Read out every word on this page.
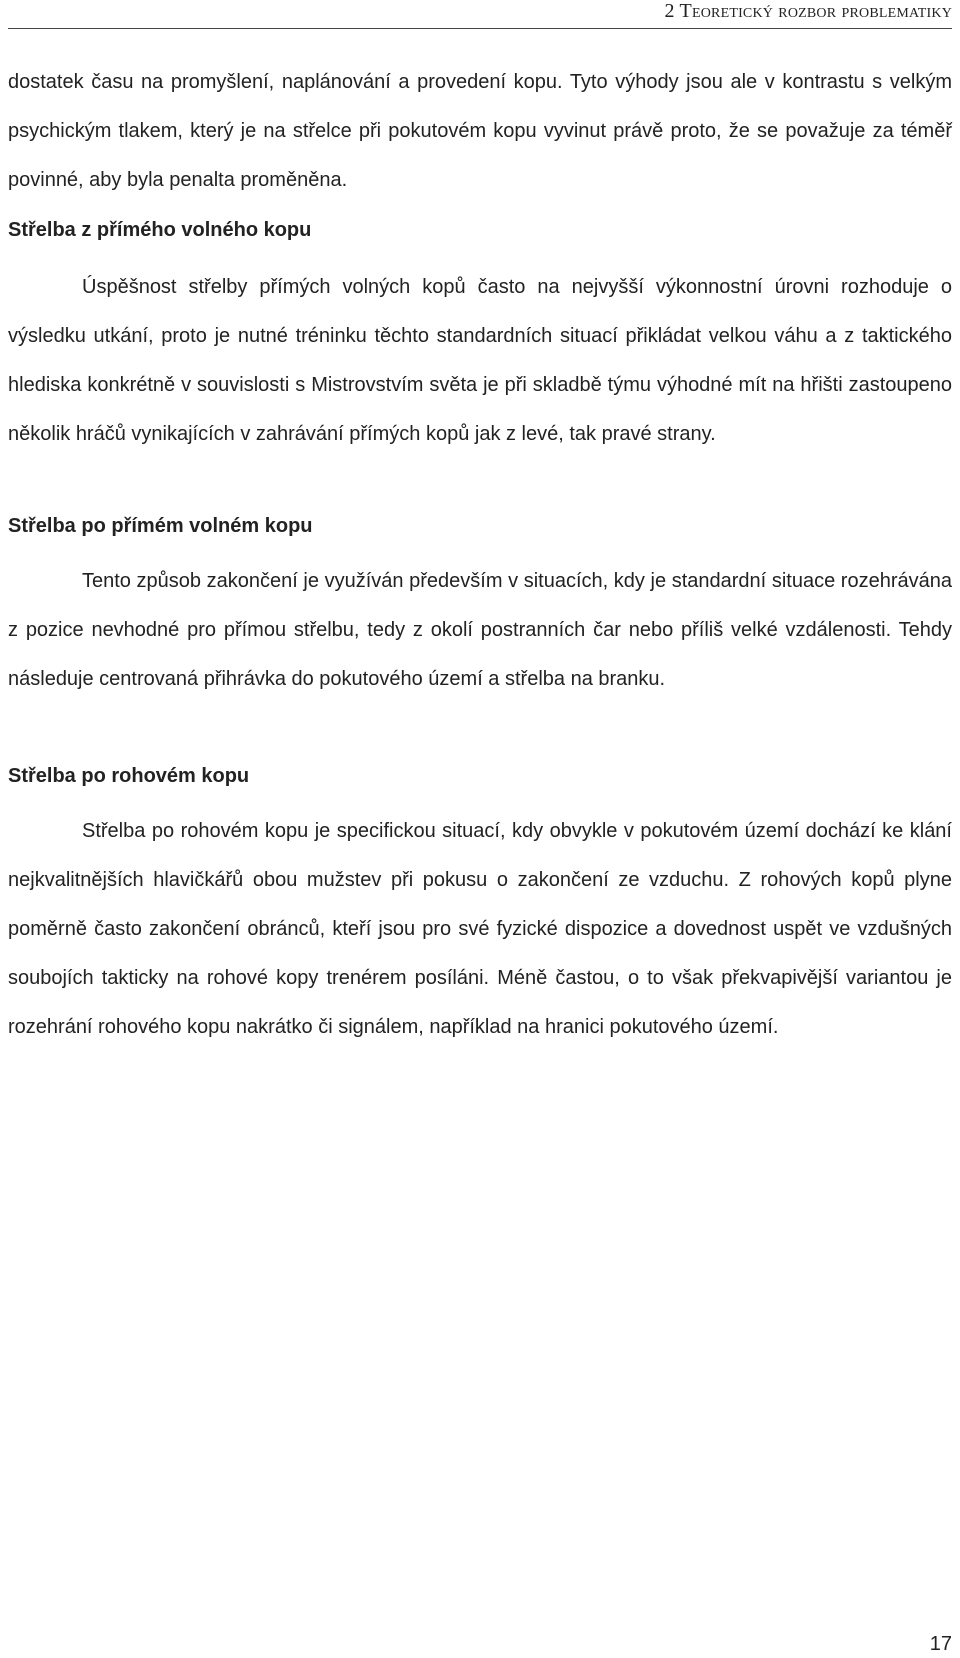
2 Teoretický rozbor problematiky

dostatek času na promyšlení, naplánování a provedení kopu. Tyto výhody jsou ale v kontrastu s velkým psychickým tlakem, který je na střelce při pokutovém kopu vyvinut právě proto, že se považuje za téměř povinné, aby byla penalta proměněna.

Střelba z přímého volného kopu

Úspěšnost střelby přímých volných kopů často na nejvyšší výkonnostní úrovni rozhoduje o výsledku utkání, proto je nutné tréninku těchto standardních situací přikládat velkou váhu a z taktického hlediska konkrétně v souvislosti s Mistrovstvím světa je při skladbě týmu výhodné mít na hřišti zastoupeno několik hráčů vynikajících v zahrávání přímých kopů jak z levé, tak pravé strany.

Střelba po přímém volném kopu

Tento způsob zakončení je využíván především v situacích, kdy je standardní situace rozehrávána z pozice nevhodné pro přímou střelbu, tedy z okolí postranních čar nebo příliš velké vzdálenosti. Tehdy následuje centrovaná přihrávka do pokutového území a střelba na branku.

Střelba po rohovém kopu

Střelba po rohovém kopu je specifickou situací, kdy obvykle v pokutovém území dochází ke klání nejkvalitnějších hlavičkářů obou mužstev při pokusu o zakončení ze vzduchu. Z rohových kopů plyne poměrně často zakončení obránců, kteří jsou pro své fyzické dispozice a dovednost uspět ve vzdušných soubojích takticky na rohové kopy trenérem posíláni. Méně častou, o to však překvapivější variantou je rozehrání rohového kopu nakrátko či signálem, například na hranici pokutového území.

17
